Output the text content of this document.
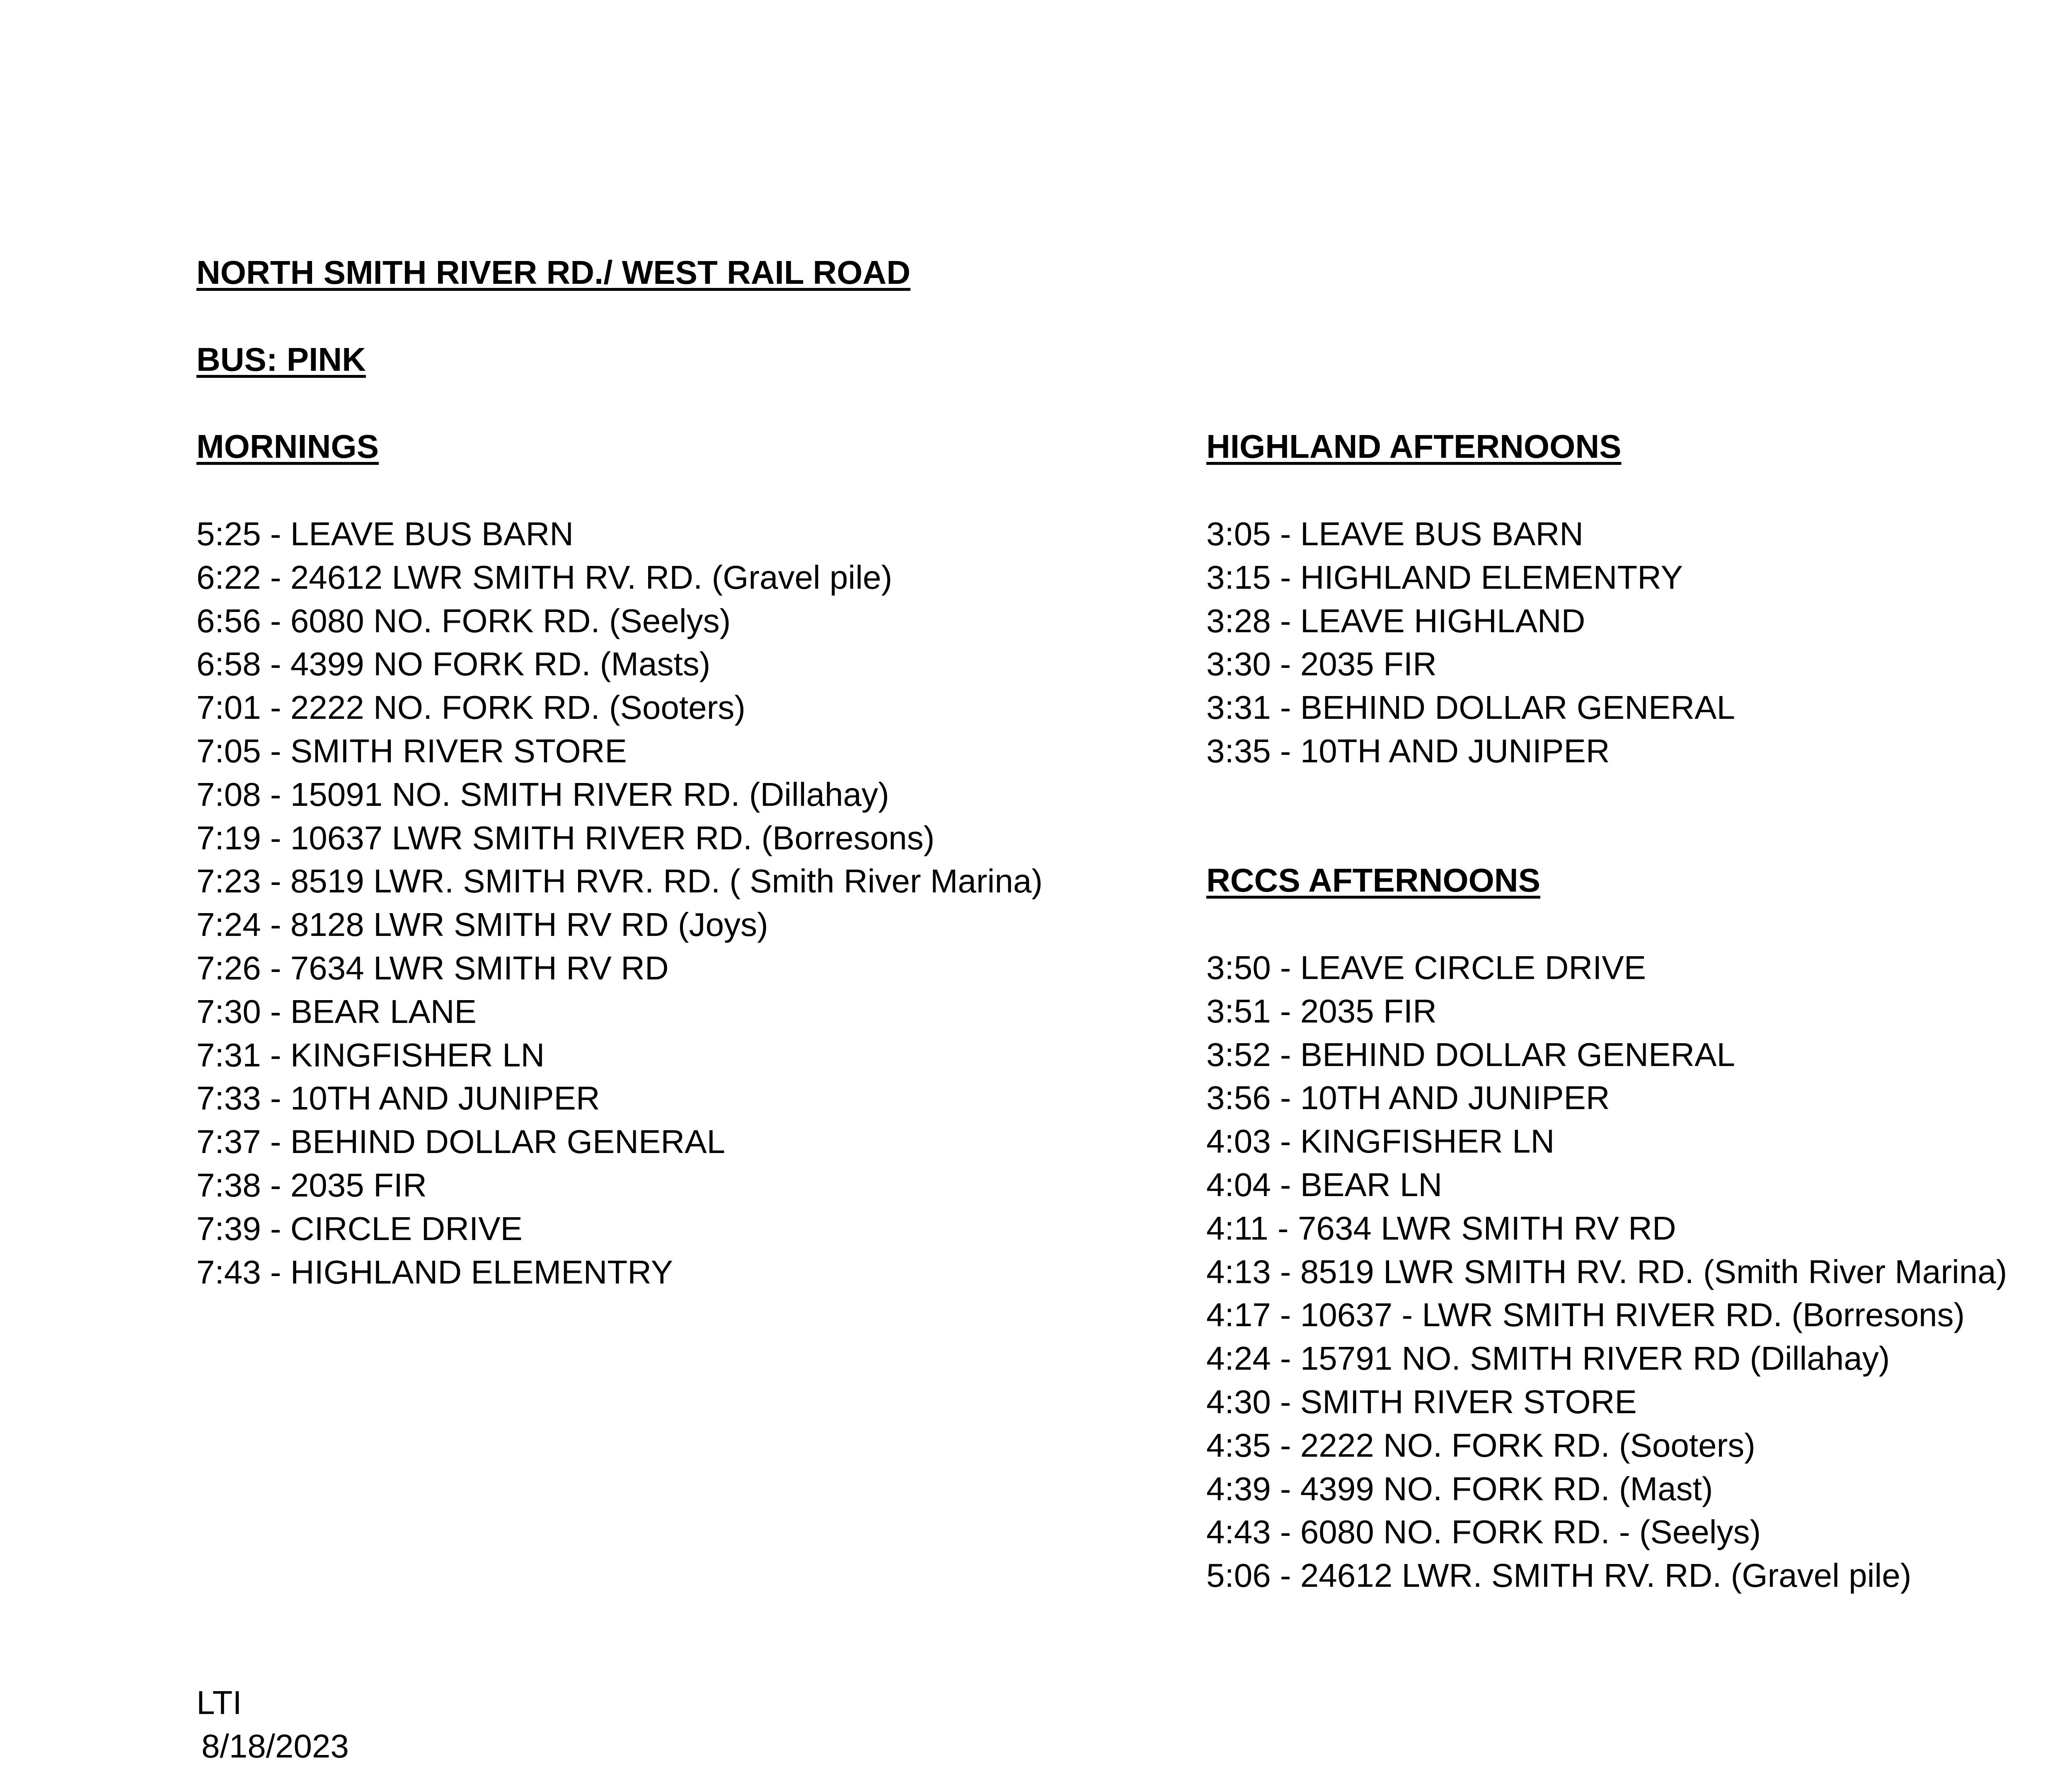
NORTH SMITH RIVER RD./ WEST RAIL ROAD
BUS: PINK
MORNINGS
5:25 - LEAVE BUS BARN
6:22 - 24612 LWR SMITH RV. RD. (Gravel pile)
6:56 - 6080 NO. FORK RD. (Seelys)
6:58 - 4399 NO FORK RD. (Masts)
7:01 - 2222 NO. FORK RD. (Sooters)
7:05 - SMITH RIVER STORE
7:08 - 15091 NO. SMITH RIVER RD. (Dillahay)
7:19 - 10637 LWR SMITH RIVER RD. (Borresons)
7:23 - 8519 LWR. SMITH RVR. RD. ( Smith River Marina)
7:24 - 8128 LWR SMITH RV RD (Joys)
7:26 - 7634 LWR SMITH RV RD
7:30 - BEAR LANE
7:31 - KINGFISHER LN
7:33 - 10TH AND JUNIPER
7:37 - BEHIND DOLLAR GENERAL
7:38 - 2035 FIR
7:39 - CIRCLE DRIVE
7:43 - HIGHLAND ELEMENTRY
HIGHLAND AFTERNOONS
3:05 - LEAVE BUS BARN
3:15 - HIGHLAND ELEMENTRY
3:28 - LEAVE HIGHLAND
3:30 - 2035 FIR
3:31 - BEHIND DOLLAR GENERAL
3:35 - 10TH AND JUNIPER
RCCS AFTERNOONS
3:50 - LEAVE CIRCLE DRIVE
3:51 - 2035 FIR
3:52 - BEHIND DOLLAR GENERAL
3:56 - 10TH AND JUNIPER
4:03 - KINGFISHER LN
4:04 - BEAR LN
4:11 - 7634 LWR SMITH RV RD
4:13 - 8519 LWR SMITH RV. RD. (Smith River Marina)
4:17 - 10637 - LWR SMITH RIVER RD. (Borresons)
4:24 - 15791 NO. SMITH RIVER RD (Dillahay)
4:30 - SMITH RIVER STORE
4:35 - 2222 NO. FORK RD. (Sooters)
4:39 - 4399 NO. FORK RD. (Mast)
4:43 - 6080 NO. FORK RD. - (Seelys)
5:06 - 24612 LWR. SMITH RV. RD. (Gravel pile)
LTI
8/18/2023
